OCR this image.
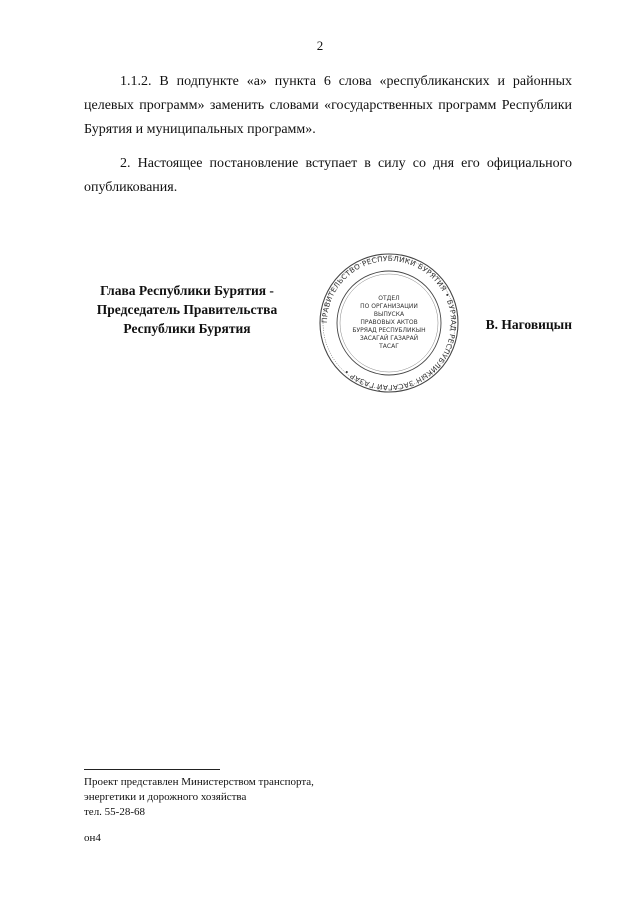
2

1.1.2. В подпункте «а» пункта 6 слова «республиканских и районных целевых программ» заменить словами «государственных программ Республики Бурятия и муниципальных программ».

2. Настоящее постановление вступает в силу со дня его официального опубликования.

Глава Республики Бурятия -
Председатель Правительства
Республики Бурятия
ПРАВИТЕЛЬСТВО РЕСПУБЛИКИ БУРЯТИЯ • БУРЯАД РЕСПУБЛИКЫН ЗАСАГАЙ ГАЗАР •
ОТДЕЛ
ПО ОРГАНИЗАЦИИ
ВЫПУСКА
ПРАВОВЫХ АКТОВ
БУРЯАД РЕСПУБЛИКЫН
ЗАСАГАЙ ГАЗАРАЙ
ТАСАГ
В. Наговицын
Проект представлен Министерством транспорта,
энергетики и дорожного хозяйства
тел. 55-28-68
он4
